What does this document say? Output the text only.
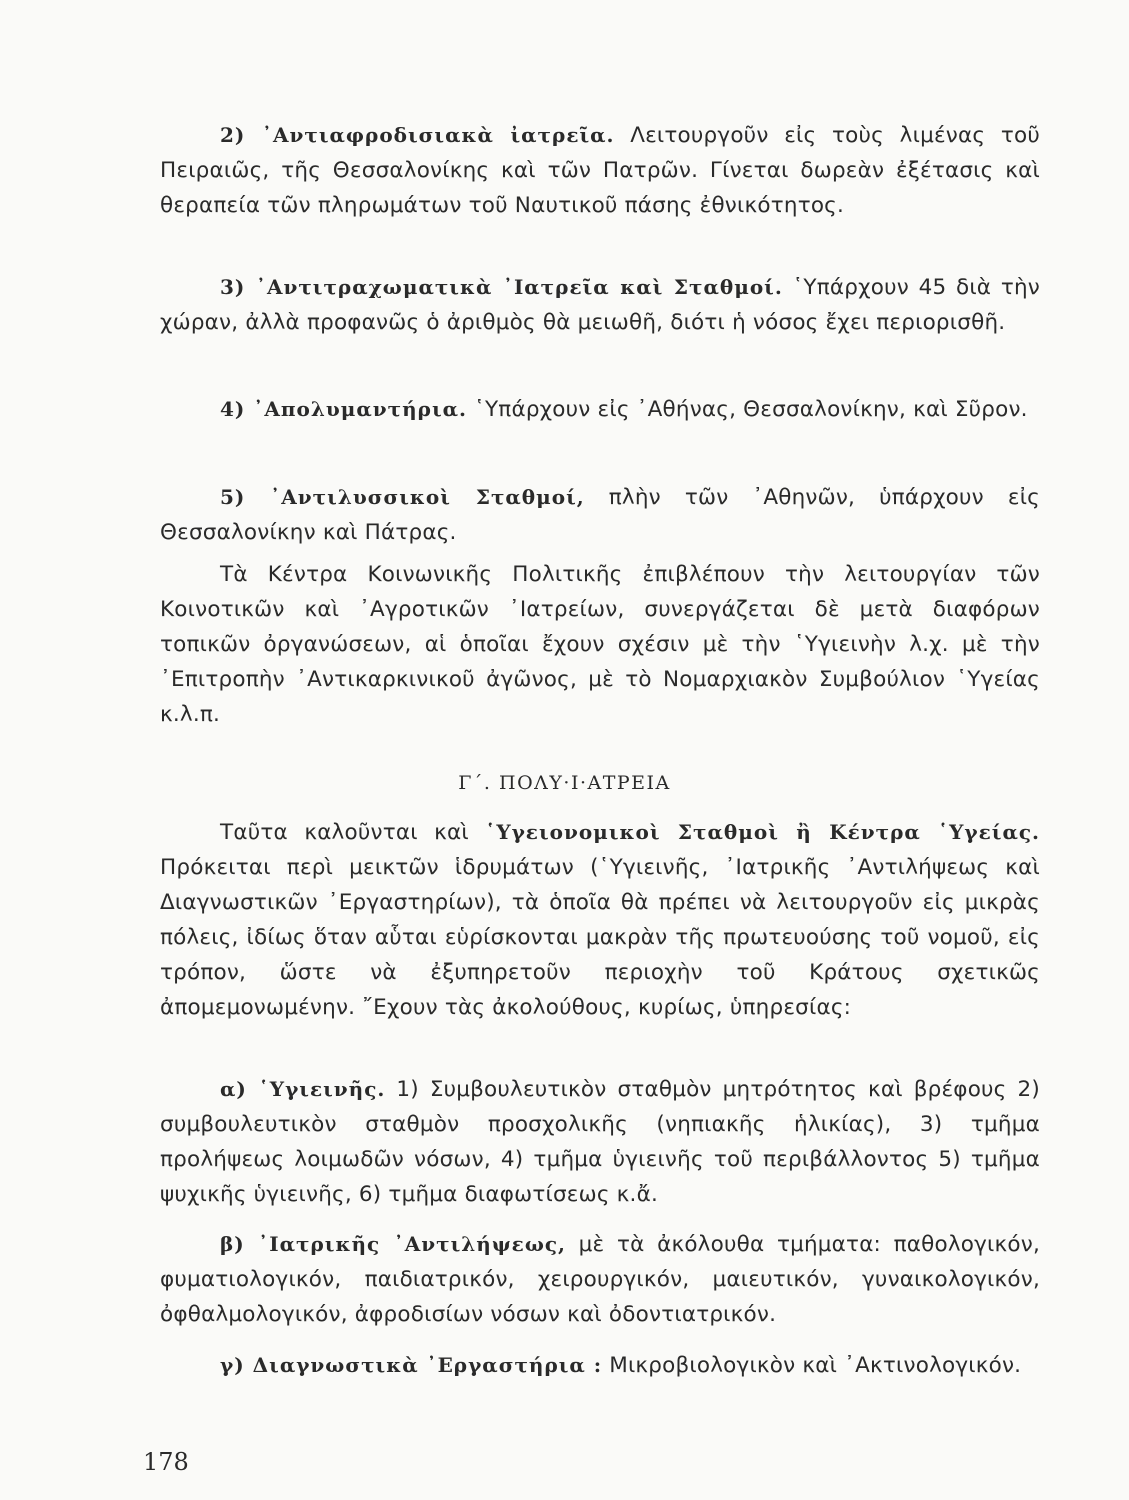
2) ᾿Αντιαφροδισιακὰ ἰατρεῖα. Λειτουργοῦν εἰς τοὺς λιμένας τοῦ Πειραιῶς, τῆς Θεσσαλονίκης καὶ τῶν Πατρῶν. Γίνεται δωρεὰν ἐξέτασις καὶ θεραπεία τῶν πληρωμάτων τοῦ Ναυτικοῦ πάσης ἐθνικότητος.
3) ᾿Αντιτραχωματικὰ ᾿Ιατρεῖα καὶ Σταθμοί. ῾Υπάρχουν 45 διὰ τὴν χώραν, ἀλλὰ προφανῶς ὁ ἀριθμὸς θὰ μειωθῆ, διότι ἡ νόσος ἔχει περιορισθῆ.
4) ᾿Απολυμαντήρια. ῾Υπάρχουν εἰς ᾿Αθήνας, Θεσσαλονίκην, καὶ Σῦρον.
5) ᾿Αντιλυσσικοὶ Σταθμοί, πλὴν τῶν ᾿Αθηνῶν, ὑπάρχουν εἰς Θεσσαλονίκην καὶ Πάτρας.
Τὰ Κέντρα Κοινωνικῆς Πολιτικῆς ἐπιβλέπουν τὴν λειτουργίαν τῶν Κοινοτικῶν καὶ ᾿Αγροτικῶν ᾿Ιατρείων, συνεργάζεται δὲ μετὰ διαφόρων τοπικῶν ὀργανώσεων, αἱ ὁποῖαι ἔχουν σχέσιν μὲ τὴν ῾Υγιεινὴν λ.χ. μὲ τὴν ᾿Επιτροπὴν ᾿Αντικαρκινικοῦ ἀγῶνος, μὲ τὸ Νομαρχιακὸν Συμβούλιον ῾Υγείας κ.λ.π.
Γ΄. ΠΟΛΥ·Ι·ΑΤΡΕΙΑ
Ταῦτα καλοῦνται καὶ ῾Υγειονομικοὶ Σταθμοὶ ἢ Κέντρα ῾Υγείας. Πρόκειται περὶ μεικτῶν ἱδρυμάτων (῾Υγιεινῆς, ᾿Ιατρικῆς ᾿Αντιλήψεως καὶ Διαγνωστικῶν ᾿Εργαστηρίων), τὰ ὁποῖα θὰ πρέπει νὰ λειτουργοῦν εἰς μικρὰς πόλεις, ἰδίως ὅταν αὗται εὑρίσκονται μακρὰν τῆς πρωτευούσης τοῦ νομοῦ, εἰς τρόπον, ὥστε νὰ ἐξυπηρετοῦν περιοχὴν τοῦ Κράτους σχετικῶς ἀπομεμονωμένην. ῎Εχουν τὰς ἀκολούθους, κυρίως, ὑπηρεσίας:
α) ῾Υγιεινῆς. 1) Συμβουλευτικὸν σταθμὸν μητρότητος καὶ βρέφους 2) συμβουλευτικὸν σταθμὸν προσχολικῆς (νηπιακῆς ἡλικίας), 3) τμῆμα προλήψεως λοιμωδῶν νόσων, 4) τμῆμα ὑγιεινῆς τοῦ περιβάλλοντος 5) τμῆμα ψυχικῆς ὑγιεινῆς, 6) τμῆμα διαφωτίσεως κ.ἄ.
β) ᾿Ιατρικῆς ᾿Αντιλήψεως, μὲ τὰ ἀκόλουθα τμήματα: παθολογικόν, φυματιολογικόν, παιδιατρικόν, χειρουργικόν, μαιευτικόν, γυναικολογικόν, ὀφθαλμολογικόν, ἀφροδισίων νόσων καὶ ὀδοντιατρικόν.
γ) Διαγνωστικὰ ᾿Εργαστήρια : Μικροβιολογικὸν καὶ ᾿Ακτινολογικόν.
178
